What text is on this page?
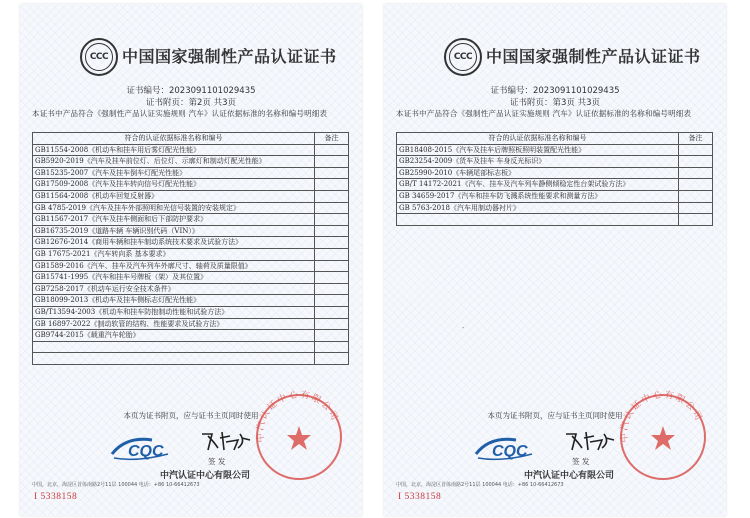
CCC 中国国家强制性产品认证证书
证书编号：2023091101029435
证书附页：第2页 共3页
本证书中产品符合《强制性产品认证实施规则 汽车》认证依据标准的名称和编号明细表
符合的认证依据标准名称和编号	备注
GB11554-2008《机动车和挂车用后雾灯配光性能》	
GB5920-2019《汽车及挂车前位灯、后位灯、示廓灯和制动灯配光性能》	
GB15235-2007《汽车及挂车倒车灯配光性能》	
GB17509-2008《汽车及挂车转向信号灯配光性能》	
GB11564-2008《机动车回复反射器》	
GB 4785-2019《汽车及挂车外部照明和光信号装置的安装规定》	
GB11567-2017《汽车及挂车侧面和后下部防护要求》	
GB16735-2019《道路车辆 车辆识别代码（VIN）》	
GB12676-2014《商用车辆和挂车制动系统技术要求及试验方法》	
GB 17675-2021《汽车转向系 基本要求》	
GB1589-2016《汽车、挂车及汽车列车外廓尺寸、轴荷及质量限值》	
GB15741-1995《汽车和挂车号牌板（架）及其位置》	
GB7258-2017《机动车运行安全技术条件》	
GB18099-2013《机动车及挂车侧标志灯配光性能》	
GB/T13594-2003《机动车和挂车防抱制动性能和试验方法》	
GB 16897-2022《制动软管的结构、性能要求及试验方法》	
GB9744-2015《载重汽车轮胎》	

本页为证书附页，应与证书主页同时使用
CQC
飞锋
签 发
中汽认证中心有限公司
中汽认证中心有限公司
中国，北京，海淀区首体南路2号11层 100044 电话：+86 10-66412673
I 5338158
CCC 中国国家强制性产品认证证书
证书编号：2023091101029435
证书附页：第3页 共3页
本证书中产品符合《强制性产品认证实施规则 汽车》认证依据标准的名称和编号明细表
符合的认证依据标准名称和编号	备注
GB18408-2015《汽车及挂车后牌照板照明装置配光性能》	
GB23254-2009《货车及挂车 车身反光标识》	
GB25990-2010《车辆尾部标志板》	
GB/T 14172-2021《汽车、挂车及汽车列车静侧倾稳定性台架试验方法》	
GB 34659-2017《汽车和挂车防飞溅系统性能要求和测量方法》	
GB 5763-2018《汽车用制动器衬片》	

本页为证书附页，应与证书主页同时使用
CQC
飞锋
签 发
中汽认证中心有限公司
中汽认证中心有限公司
中国，北京，海淀区首体南路2号11层 100044 电话：+86 10-66412673
I 5338158
